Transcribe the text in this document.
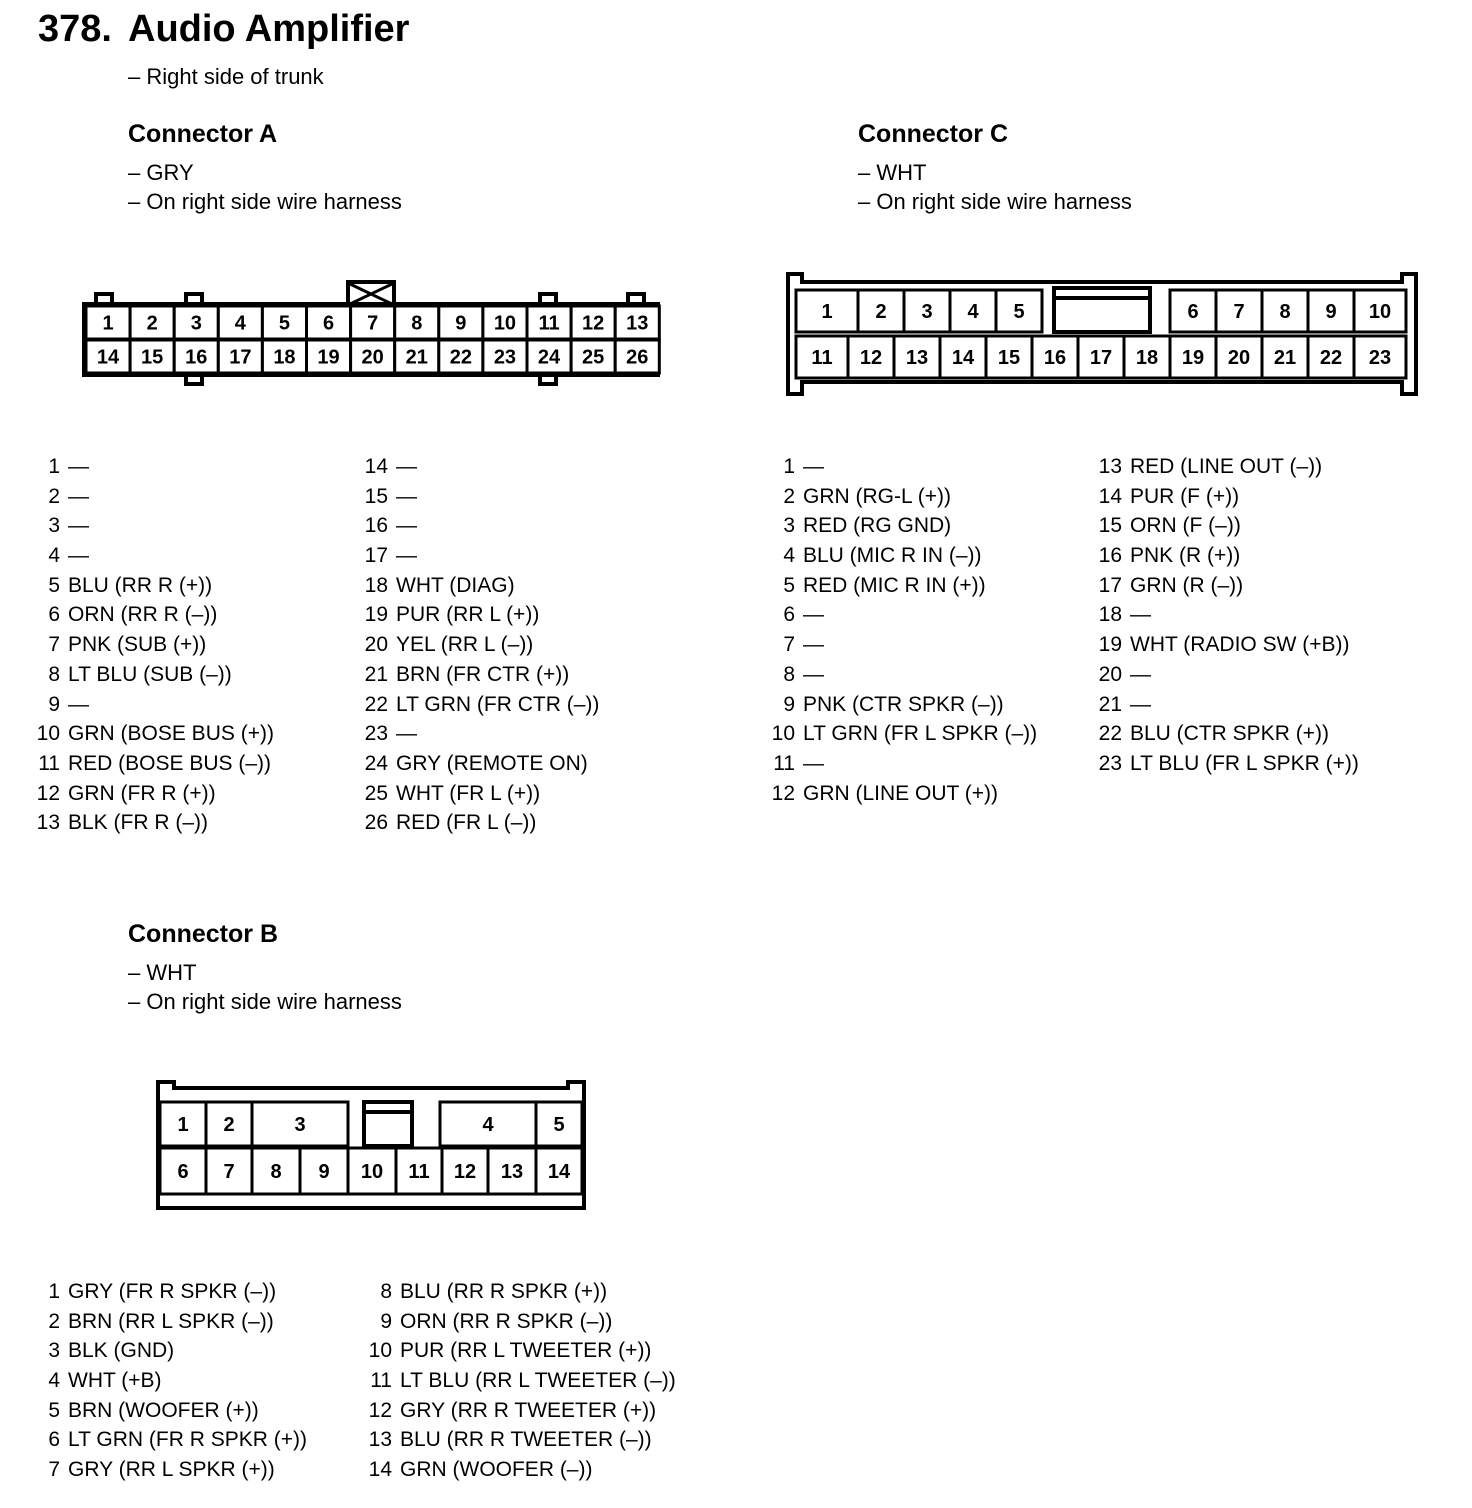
378. Audio Amplifier
– Right side of trunk
Connector A
– GRY
– On right side wire harness
Connector C
– WHT
– On right side wire harness
Connector B
– WHT
– On right side wire harness
1
14
2
15
3
16
4
17
5
18
6
19
7
20
8
21
9
22
10
23
11
24
12
25
13
26
1 2 3 4 5	6 7 8 9 10
11 12 13 14 15 16 17 18 19 20 21 22 23
1 2	3	4	5
6 7 8 9 10 11 12 13 14
1 —
2 —
3 —
4 —
5 BLU (RR R (+))
6 ORN (RR R (–))
7 PNK (SUB (+))
8 LT BLU (SUB (–))
9 —
10 GRN (BOSE BUS (+))
11 RED (BOSE BUS (–))
12 GRN (FR R (+))
13 BLK (FR R (–))
14 —
15 —
16 —
17 —
18 WHT (DIAG)
19 PUR (RR L (+))
20 YEL (RR L (–))
21 BRN (FR CTR (+))
22 LT GRN (FR CTR (–))
23 —
24 GRY (REMOTE ON)
25 WHT (FR L (+))
26 RED (FR L (–))
1 —
2 GRN (RG-L (+))
3 RED (RG GND)
4 BLU (MIC R IN (–))
5 RED (MIC R IN (+))
6 —
7 —
8 —
9 PNK (CTR SPKR (–))
10 LT GRN (FR L SPKR (–))
11 —
12 GRN (LINE OUT (+))
13 RED (LINE OUT (–))
14 PUR (F (+))
15 ORN (F (–))
16 PNK (R (+))
17 GRN (R (–))
18 —
19 WHT (RADIO SW (+B))
20 —
21 —
22 BLU (CTR SPKR (+))
23 LT BLU (FR L SPKR (+))
1 GRY (FR R SPKR (–))
2 BRN (RR L SPKR (–))
3 BLK (GND)
4 WHT (+B)
5 BRN (WOOFER (+))
6 LT GRN (FR R SPKR (+))
7 GRY (RR L SPKR (+))
8 BLU (RR R SPKR (+))
9 ORN (RR R SPKR (–))
10 PUR (RR L TWEETER (+))
11 LT BLU (RR L TWEETER (–))
12 GRY (RR R TWEETER (+))
13 BLU (RR R TWEETER (–))
14 GRN (WOOFER (–))
